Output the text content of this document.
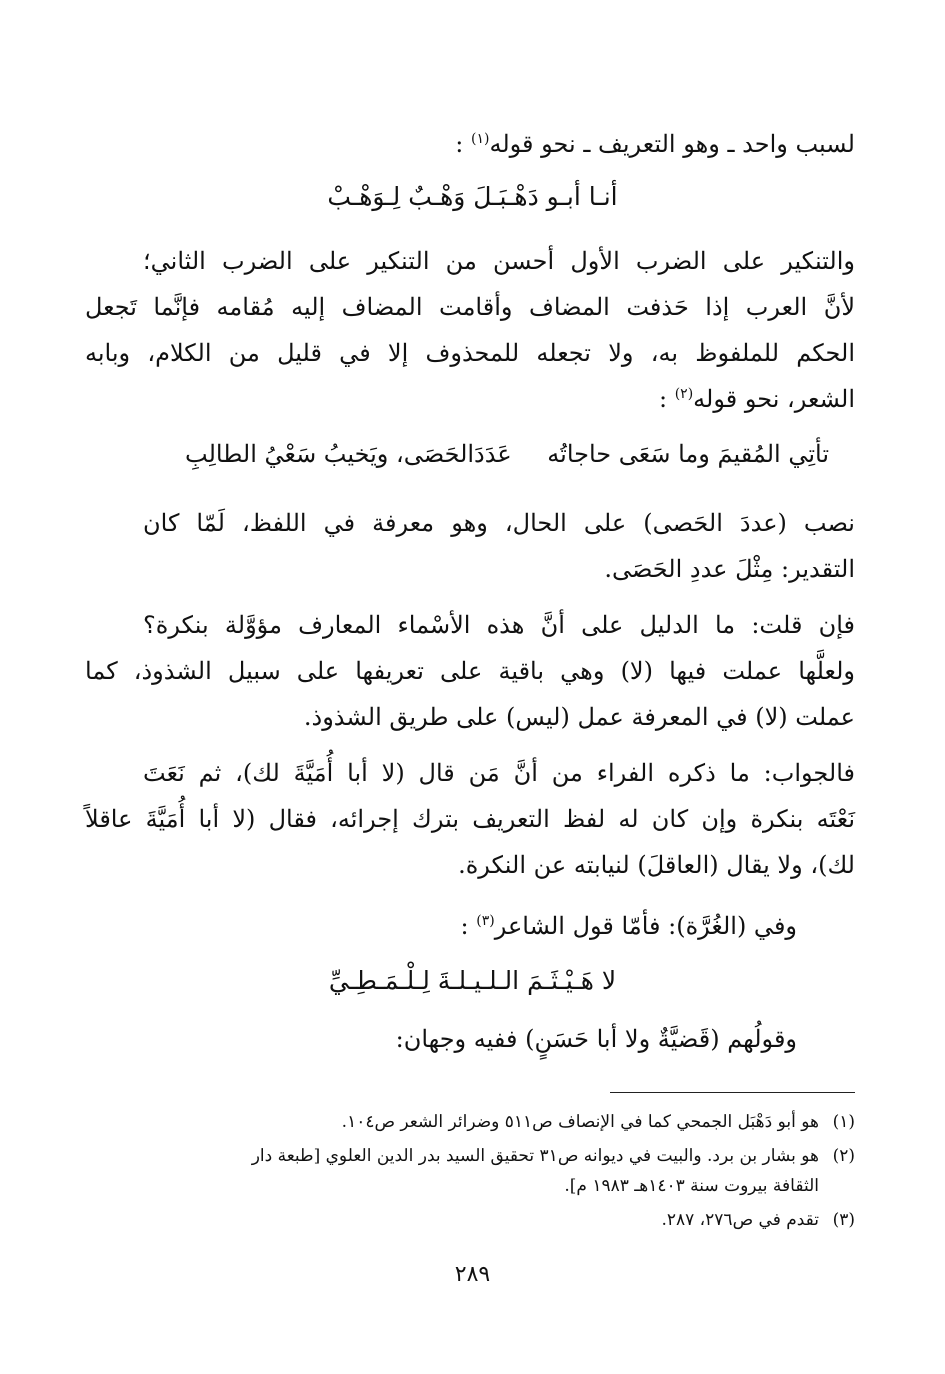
لسبب واحد ـ وهو التعريف ـ نحو قوله$^{(١)}$ :
أنـا أبـو دَهْـبَـلَ وَهْـبٌ لِـوَهْـبْ
والتنكير على الضرب الأول أحسن من التنكير على الضرب الثاني؛
لأنَّ العرب إذا حَذفت المضاف وأقامت المضاف إليه مُقامه فإنَّما تَجعل
الحكم للملفوظ به، ولا تجعله للمحذوف إلا في قليل من الكلام، وبابه
الشعر، نحو قوله$^{(٢)}$ :
تأتِي المُقيمَ وما سَعَى حاجاتُه
عَدَدَالحَصَى، ويَخيبُ سَعْيُ الطالِبِ
نصب (عددَ الحَصى) على الحال، وهو معرفة في اللفظ، لَمّا كان
التقدير: مِثْلَ عددِ الحَصَى.
فإن قلت: ما الدليل على أنَّ هذه الأسْماء المعارف مؤوَّلة بنكرة؟
ولعلَّها عملت فيها (لا) وهي باقية على تعريفها على سبيل الشذوذ، كما
عملت (لا) في المعرفة عمل (ليس) على طريق الشذوذ.
فالجواب: ما ذكره الفراء من أنَّ مَن قال (لا أبا أُمَيَّةَ لك)، ثم نَعَتَ
نَعْتَه بنكرة وإن كان له لفظ التعريف بترك إجرائه، فقال (لا أبا أُمَيَّةَ عاقلاً
لك)، ولا يقال (العاقلَ) لنيابته عن النكرة.
وفي (الغُرَّة): فأمّا قول الشاعر$^{(٣)}$ :
لا هَـيْـثَـمَ الـلـيـلـةَ لِـلْـمَـطِـيِّ
وقولُهم (قَضيَّةٌ ولا أبا حَسَنٍ) ففيه وجهان:
(١)هو أبو دَهْبَل الجمحي كما في الإنصاف ص٥١١ وضرائر الشعر ص١٠٤.
(٢)هو بشار بن برد. والبيت في ديوانه ص٣١ تحقيق السيد بدر الدين العلوي [طبعة دار
الثقافة بيروت سنة ١٤٠٣هـ ١٩٨٣ م].
(٣)تقدم في ص٢٧٦، ٢٨٧.
٢٨٩
